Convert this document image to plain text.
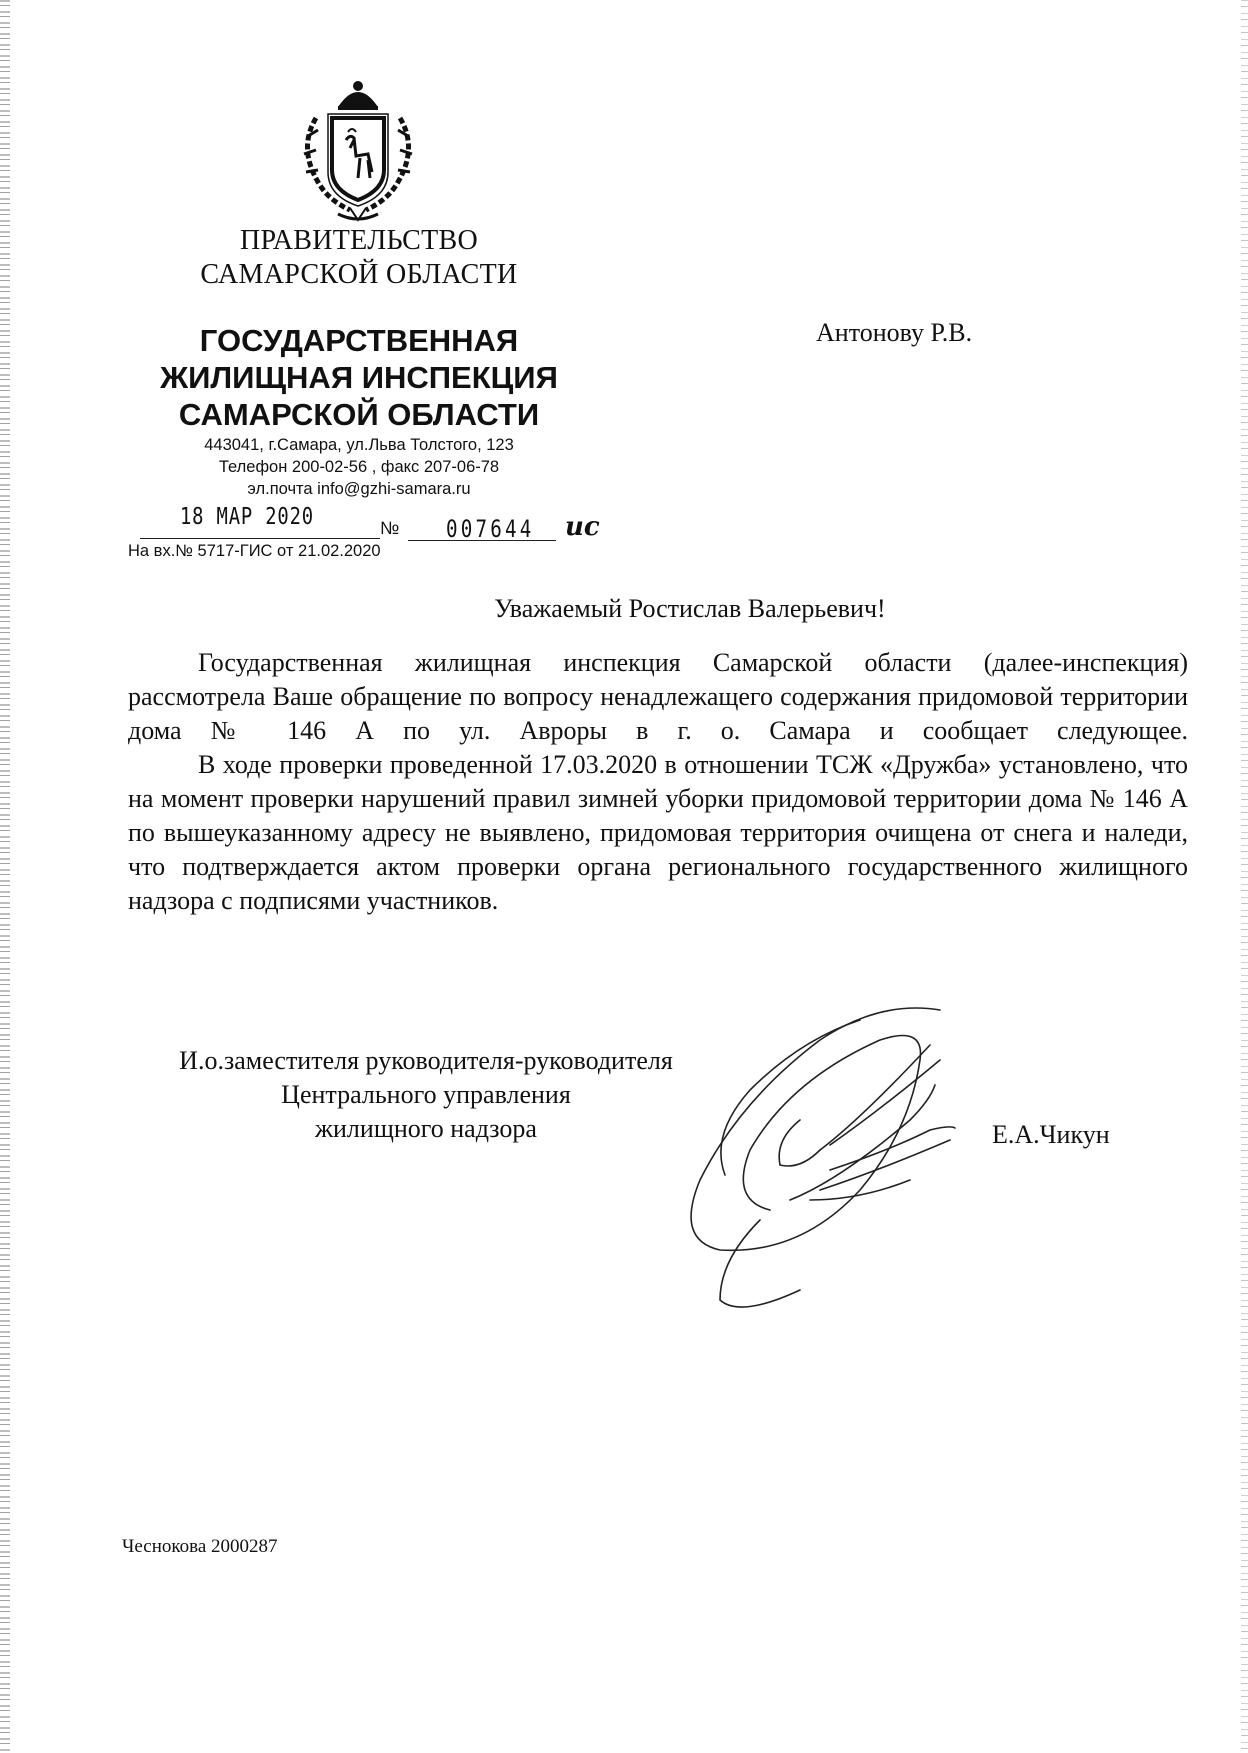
ПРАВИТЕЛЬСТВО
САМАРСКОЙ ОБЛАСТИ
ГОСУДАРСТВЕННАЯ
ЖИЛИЩНАЯ ИНСПЕКЦИЯ
САМАРСКОЙ ОБЛАСТИ
443041, г.Самара, ул.Льва Толстого, 123
Телефон 200-02-56 , факс 207-06-78
эл.почта info@gzhi-samara.ru
18 МАР 2020	№ 007644 ис
На вх.№ 5717-ГИС от 21.02.2020
Антонову Р.В.
Уважаемый Ростислав Валерьевич!

Государственная жилищная инспекция Самарской области (далее-инспекция) рассмотрела Ваше обращение по вопросу ненадлежащего содержания придомовой территории дома № 146 А по ул. Авроры в г. о. Самара и сообщает следующее.

В ходе проверки проведенной 17.03.2020 в отношении ТСЖ «Дружба» установлено, что на момент проверки нарушений правил зимней уборки придомовой территории дома № 146 А по вышеуказанному адресу не выявлено, придомовая территория очищена от снега и наледи, что подтверждается актом проверки органа регионального государственного жилищного надзора с подписями участников.

И.о.заместителя руководителя-руководителя
Центрального управления
жилищного надзора	Е.А.Чикун
Чеснокова 2000287
